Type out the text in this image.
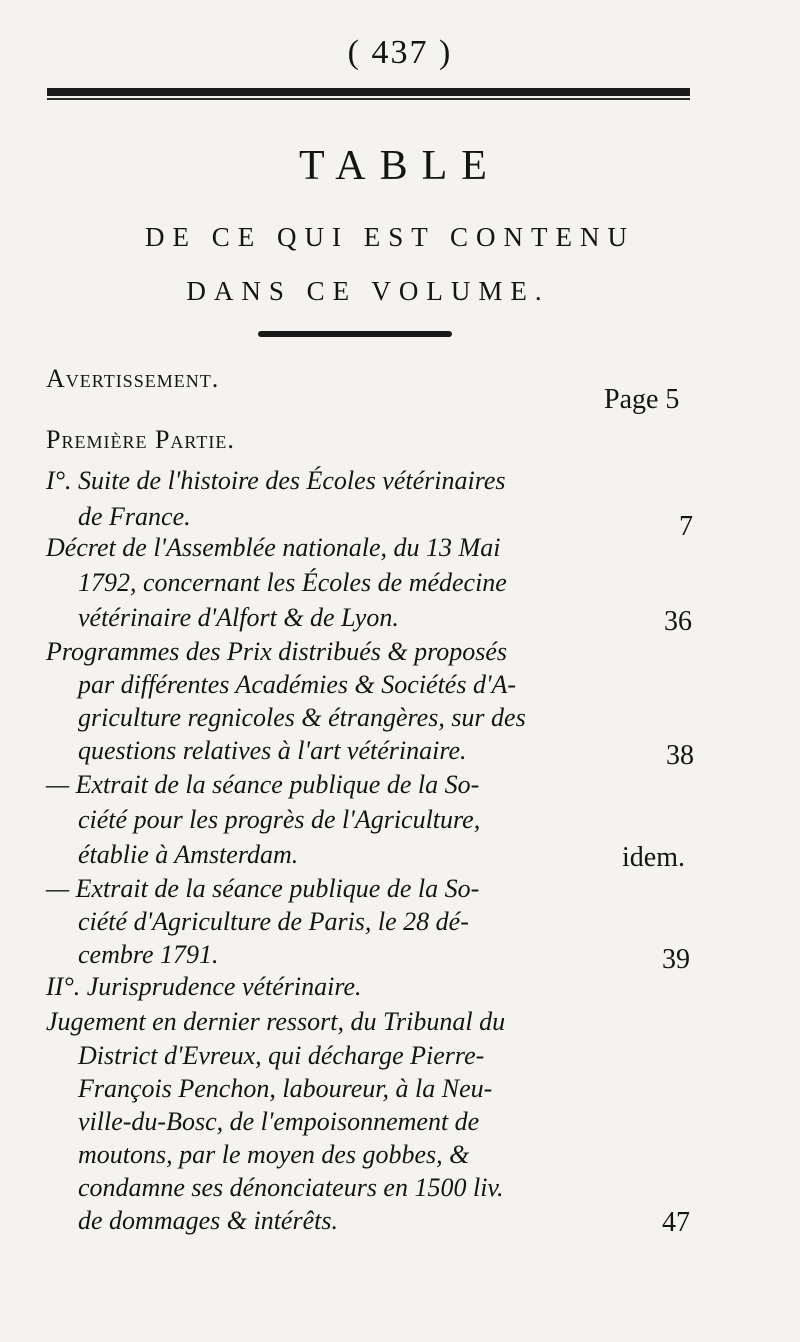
( 437 )
TABLE
DE CE QUI EST CONTENU
DANS CE VOLUME.
Avertissement.
Page 5
Première Partie.
I°. Suite de l'histoire des Écoles vétérinaires
de France.	7
Décret de l'Assemblée nationale, du 13 Mai
1792, concernant les Écoles de médecine
vétérinaire d'Alfort & de Lyon.	36
Programmes des Prix distribués & proposés
par différentes Académies & Sociétés d'A-
griculture regnicoles & étrangères, sur des
questions relatives à l'art vétérinaire.	38
— Extrait de la séance publique de la So-
ciété pour les progrès de l'Agriculture,
établie à Amsterdam.	idem.
— Extrait de la séance publique de la So-
ciété d'Agriculture de Paris, le 28 dé-
cembre 1791.	39
II°. Jurisprudence vétérinaire.
Jugement en dernier ressort, du Tribunal du
District d'Evreux, qui décharge Pierre-
François Penchon, laboureur, à la Neu-
ville-du-Bosc, de l'empoisonnement de
moutons, par le moyen des gobbes, &
condamne ses dénonciateurs en 1500 liv.
de dommages & intérêts.	47
